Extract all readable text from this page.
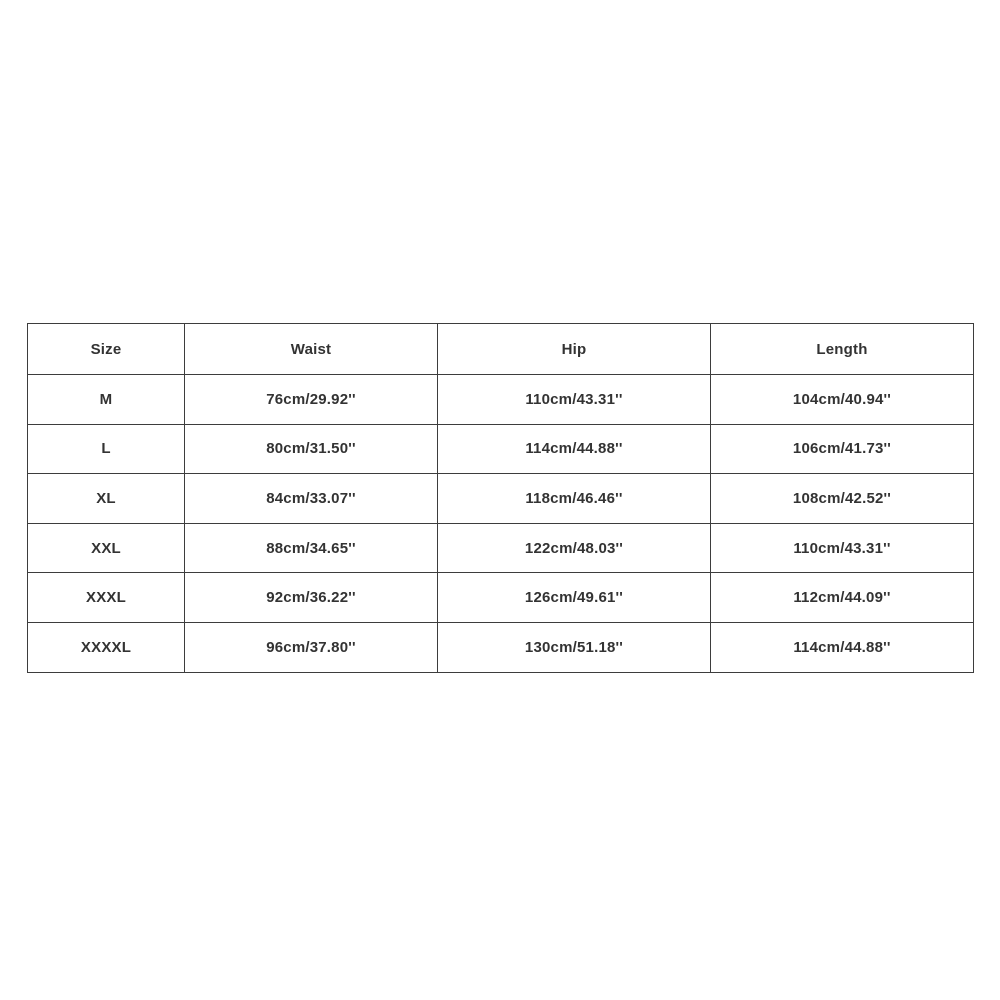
Size	Waist	Hip	Length
M	76cm/29.92''	110cm/43.31''	104cm/40.94''
L	80cm/31.50''	114cm/44.88''	106cm/41.73''
XL	84cm/33.07''	118cm/46.46''	108cm/42.52''
XXL	88cm/34.65''	122cm/48.03''	110cm/43.31''
XXXL	92cm/36.22''	126cm/49.61''	112cm/44.09''
XXXXL	96cm/37.80''	130cm/51.18''	114cm/44.88''
